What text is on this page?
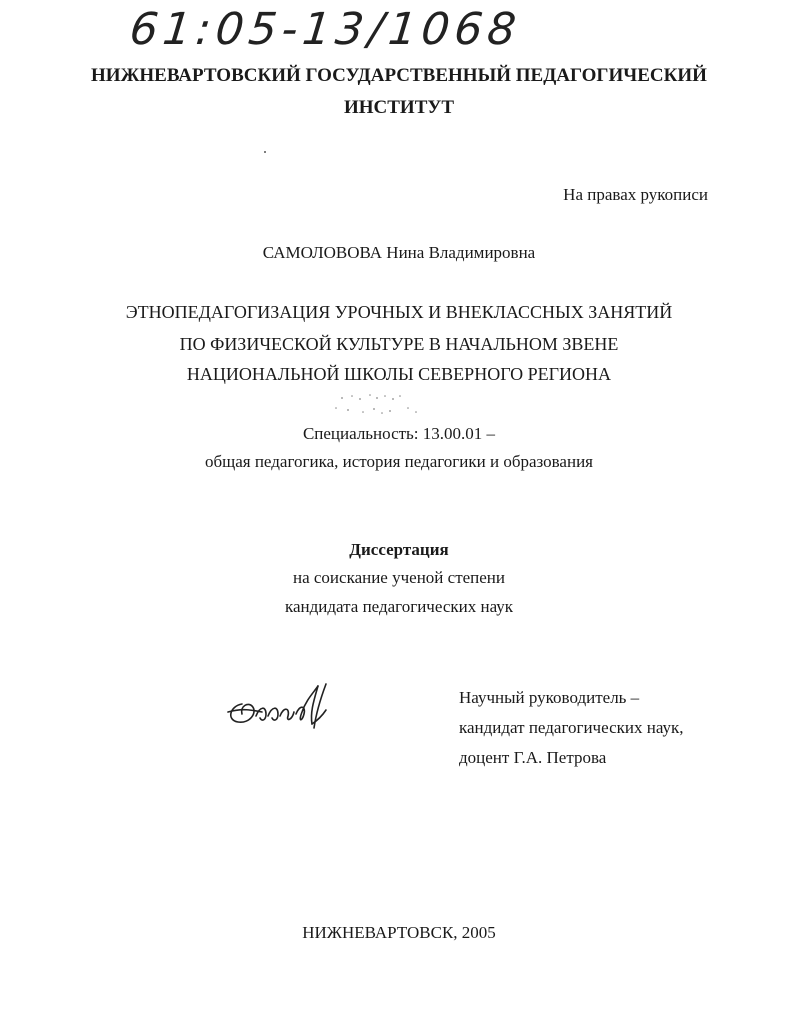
61:05-13/1068
НИЖНЕВАРТОВСКИЙ ГОСУДАРСТВЕННЫЙ ПЕДАГОГИЧЕСКИЙ
ИНСТИТУТ
На правах рукописи
САМОЛОВОВА Нина Владимировна
ЭТНОПЕДАГОГИЗАЦИЯ УРОЧНЫХ И ВНЕКЛАССНЫХ ЗАНЯТИЙ
ПО ФИЗИЧЕСКОЙ КУЛЬТУРЕ В НАЧАЛЬНОМ ЗВЕНЕ
НАЦИОНАЛЬНОЙ ШКОЛЫ СЕВЕРНОГО РЕГИОНА
Специальность: 13.00.01 –
общая педагогика, история педагогики и образования
Диссертация
на соискание ученой степени
кандидата педагогических наук
Научный руководитель –
кандидат педагогических наук,
доцент Г.А. Петрова
НИЖНЕВАРТОВСК, 2005
